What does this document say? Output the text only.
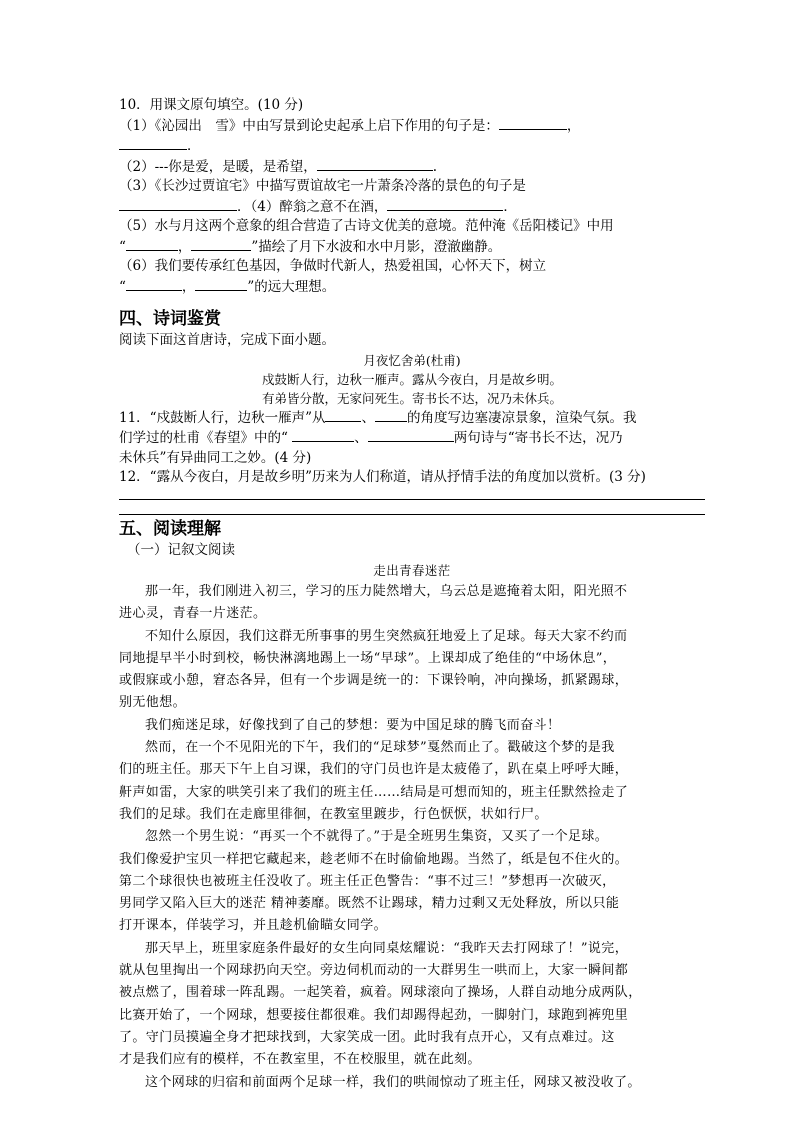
10．用课文原句填空。(10 分)
（1）《沁园出　雪》中由写景到论史起承上启下作用的句子是：	，
．
（2）---你是爱，是暖，是希望，	.
（3）《长沙过贾谊宅》中描写贾谊故宅一片萧条冷落的景色的句子是
．（4）醉翁之意不在酒，	．
（5）水与月这两个意象的组合营造了古诗文优美的意境。范仲淹《岳阳楼记》中用
“	，	”描绘了月下水波和水中月影，澄澈幽静。
（6）我们要传承红色基因，争做时代新人，热爱祖国，心怀天下，树立
“	，	”的远大理想。
四、诗词鉴赏
阅读下面这首唐诗，完成下面小题。
月夜忆舍弟(杜甫)
戍鼓断人行，边秋一雁声。露从今夜白，月是故乡明。
有弟皆分散，无家问死生。寄书长不达，况乃未休兵。
11．“戍鼓断人行，边秋一雁声”从	、 的角度写边塞凄凉景象，渲染气氛。我
们学过的杜甫《春望》中的“	、	两句诗与“寄书长不达，况乃
未休兵”有异曲同工之妙。(4 分)
12．“露从今夜白，月是故乡明”历来为人们称道，请从抒情手法的角度加以赏析。(3 分)
五、阅读理解
（一）记叙文阅读
走出青春迷茫
那一年，我们刚进入初三，学习的压力陡然增大，乌云总是遮掩着太阳，阳光照不
进心灵，青春一片迷茫。
不知什么原因，我们这群无所事事的男生突然疯狂地爱上了足球。每天大家不约而
同地提早半小时到校，畅快淋漓地踢上一场“早球”。上课却成了绝佳的“中场休息”，
或假寐或小憩，窘态各异，但有一个步调是统一的：下课铃响，冲向操场，抓紧踢球，
别无他想。
我们痴迷足球，好像找到了自己的梦想：要为中国足球的腾飞而奋斗！
然而，在一个不见阳光的下午，我们的“足球梦”戛然而止了。戳破这个梦的是我
们的班主任。那天下午上自习课，我们的守门员也许是太疲倦了，趴在桌上呼呼大睡，
鼾声如雷，大家的哄笑引来了我们的班主任……结局是可想而知的，班主任默然捡走了
我们的足球。我们在走廊里徘徊，在教室里踱步，行色恹恹，状如行尸。
忽然一个男生说：“再买一个不就得了。”于是全班男生集资，又买了一个足球。
我们像爱护宝贝一样把它藏起来，趁老师不在时偷偷地踢。当然了，纸是包不住火的。
第二个球很快也被班主任没收了。班主任正色警告：“事不过三！”梦想再一次破灭，
男同学又陷入巨大的迷茫 精神萎靡。既然不让踢球，精力过剩又无处释放，所以只能
打开课本，佯装学习，并且趁机偷瞄女同学。
那天早上，班里家庭条件最好的女生向同桌炫耀说：“我昨天去打网球了！”说完，
就从包里掏出一个网球扔向天空。旁边伺机而动的一大群男生一哄而上，大家一瞬间都
被点燃了，围着球一阵乱踢。一起笑着，疯着。网球滚向了操场，人群自动地分成两队，
比赛开始了，一个网球，想要接住都很难。我们却踢得起劲，一脚射门，球跑到裤兜里
了。守门员摸遍全身才把球找到，大家笑成一团。此时我有点开心，又有点难过。这
才是我们应有的模样，不在教室里，不在校服里，就在此刻。
这个网球的归宿和前面两个足球一样，我们的哄闹惊动了班主任，网球又被没收了。
